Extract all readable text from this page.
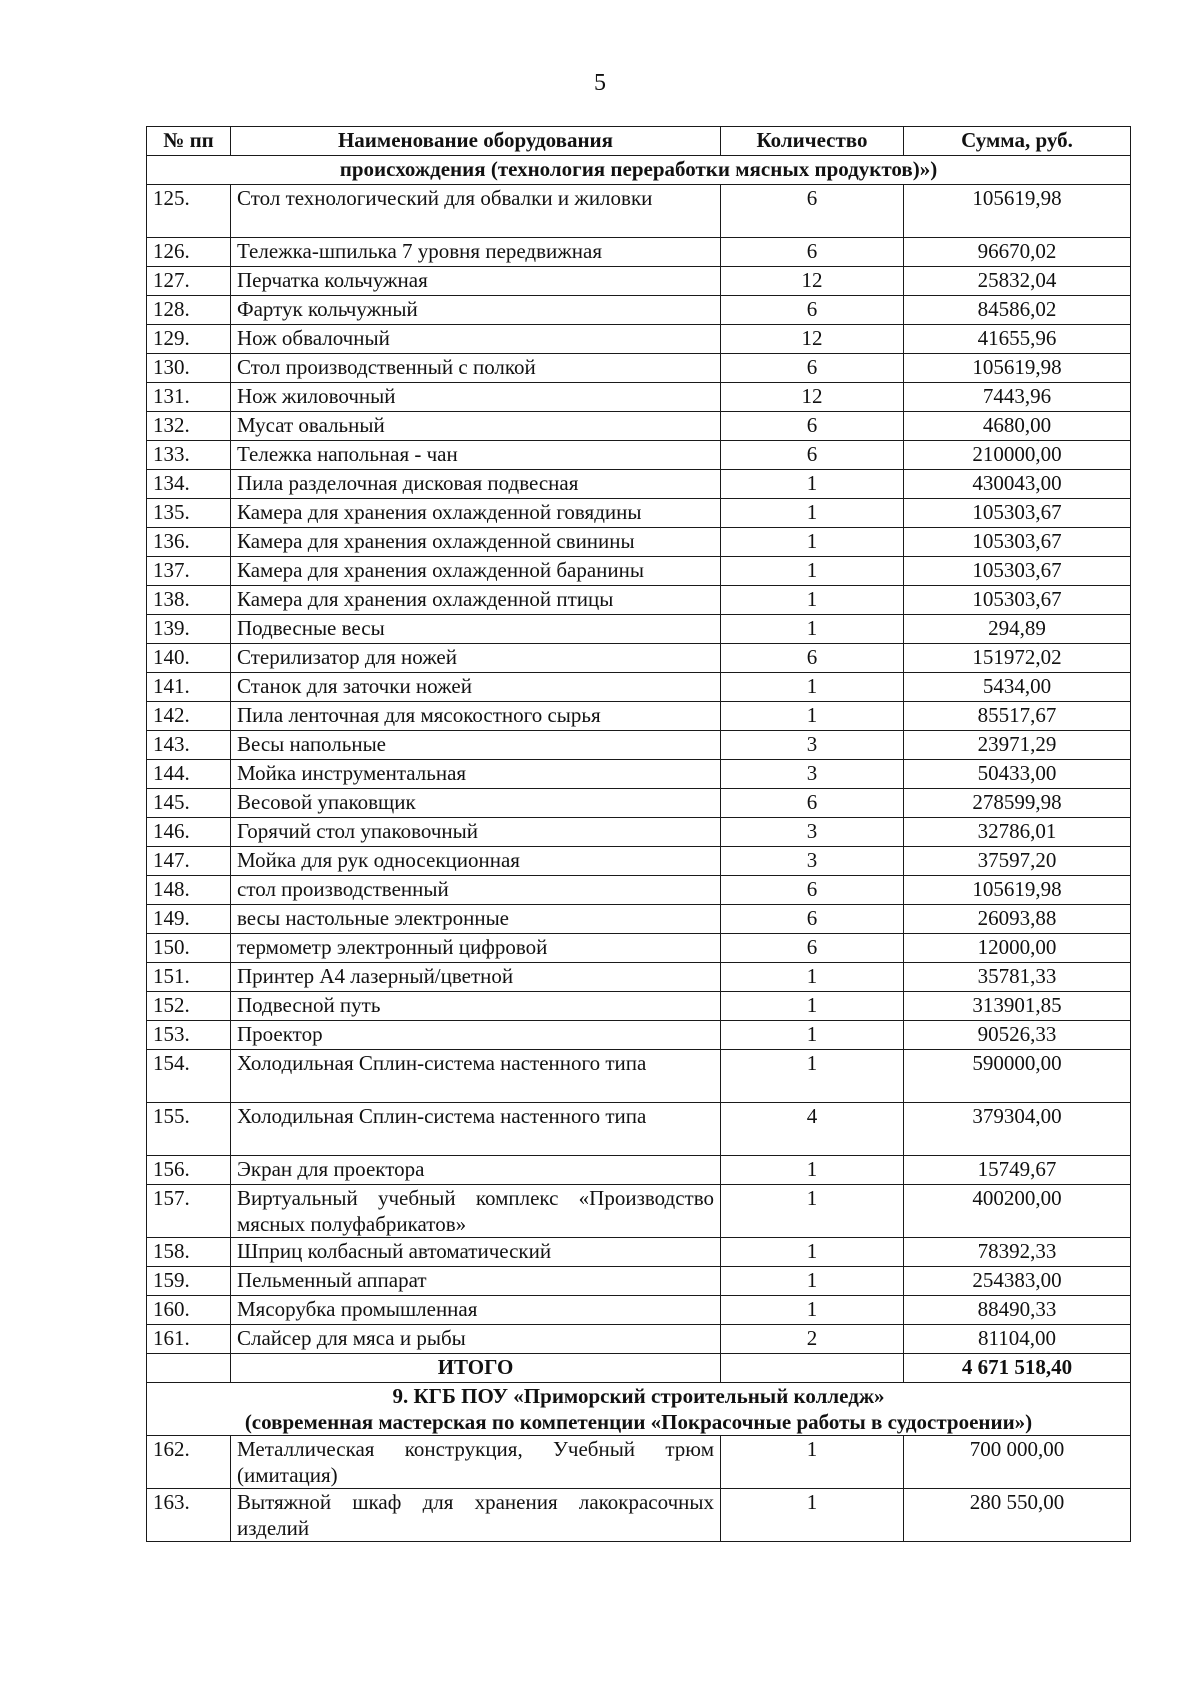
5
№ пп	Наименование оборудования	Количество	Сумма, руб.
происхождения (технология переработки мясных продуктов)»)			
125.	Стол технологический для обвалки и жиловки	6	105619,98
126.	Тележка-шпилька 7 уровня передвижная	6	96670,02
127.	Перчатка кольчужная	12	25832,04
128.	Фартук кольчужный	6	84586,02
129.	Нож обвалочный	12	41655,96
130.	Стол производственный с полкой	6	105619,98
131.	Нож жиловочный	12	7443,96
132.	Мусат овальный	6	4680,00
133.	Тележка напольная - чан	6	210000,00
134.	Пила разделочная дисковая подвесная	1	430043,00
135.	Камера для хранения охлажденной говядины	1	105303,67
136.	Камера для хранения охлажденной свинины	1	105303,67
137.	Камера для хранения охлажденной баранины	1	105303,67
138.	Камера для хранения охлажденной птицы	1	105303,67
139.	Подвесные весы	1	294,89
140.	Стерилизатор для ножей	6	151972,02
141.	Станок для заточки ножей	1	5434,00
142.	Пила ленточная для мясокостного сырья	1	85517,67
143.	Весы напольные	3	23971,29
144.	Мойка инструментальная	3	50433,00
145.	Весовой упаковщик	6	278599,98
146.	Горячий стол упаковочный	3	32786,01
147.	Мойка для рук односекционная	3	37597,20
148.	стол производственный	6	105619,98
149.	весы настольные электронные	6	26093,88
150.	термометр электронный цифровой	6	12000,00
151.	Принтер А4 лазерный/цветной	1	35781,33
152.	Подвесной путь	1	313901,85
153.	Проектор	1	90526,33
154.	Холодильная Сплин-система настенного типа	1	590000,00
155.	Холодильная Сплин-система настенного типа	4	379304,00
156.	Экран для проектора	1	15749,67
157.	Виртуальный учебный комплекс «Производство мясных полуфабрикатов»	1	400200,00
158.	Шприц колбасный автоматический	1	78392,33
159.	Пельменный аппарат	1	254383,00
160.	Мясорубка промышленная	1	88490,33
161.	Слайсер для мяса и рыбы	2	81104,00
	ИТОГО		4 671 518,40

9. КГБ ПОУ «Приморский строительный колледж»
(современная мастерская по компетенции «Покрасочные работы в судостроении»)			

162.	Металлическая конструкция, Учебный трюм (имитация)	1	700 000,00
163.	Вытяжной шкаф для хранения лакокрасочных изделий	1	280 550,00
